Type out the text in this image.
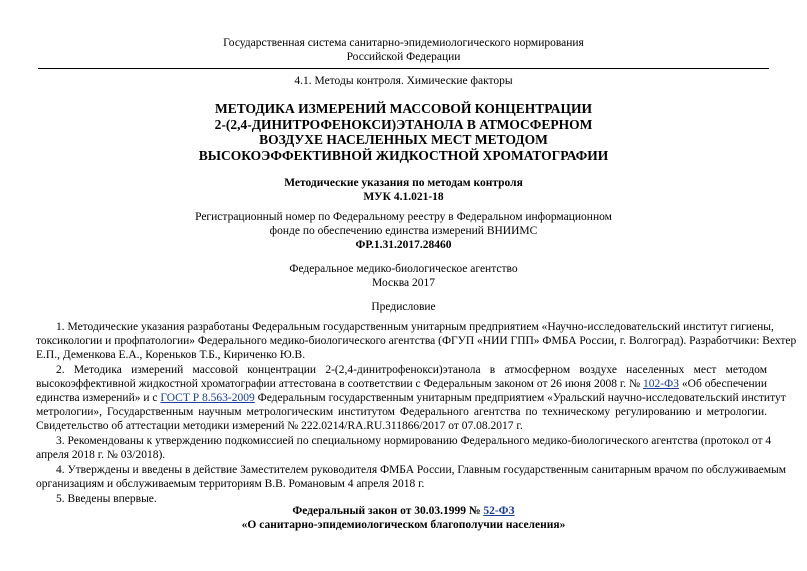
Государственная система санитарно-эпидемиологического нормирования
Российской Федерации
4.1. Методы контроля. Химические факторы
МЕТОДИКА ИЗМЕРЕНИЙ МАССОВОЙ КОНЦЕНТРАЦИИ
2-(2,4-ДИНИТРОФЕНОКСИ)ЭТАНОЛА В АТМОСФЕРНОМ
ВОЗДУХЕ НАСЕЛЕННЫХ МЕСТ МЕТОДОМ
ВЫСОКОЭФФЕКТИВНОЙ ЖИДКОСТНОЙ ХРОМАТОГРАФИИ
Методические указания по методам контроля
МУК 4.1.021-18
Регистрационный номер по Федеральному реестру в Федеральном информационном
фонде по обеспечению единства измерений ВНИИМС
ФР.1.31.2017.28460
Федеральное медико-биологическое агентство
Москва 2017
Предисловие
1. Методические указания разработаны Федеральным государственным унитарным предприятием «Научно-исследовательский институт гигиены,
токсикологии и профпатологии» Федерального медико-биологического агентства (ФГУП «НИИ ГПП» ФМБА России, г. Волгоград). Разработчики: Вехтер
Е.П., Деменкова Е.А., Кореньков Т.Б., Кириченко Ю.В.
2. Методика измерений массовой концентрации 2-(2,4-динитрофенокси)этанола в атмосферном воздухе населенных мест методом
высокоэффективной жидкостной хроматографии аттестована в соответствии с Федеральным законом от 26 июня 2008 г. № 102-ФЗ «Об обеспечении
единства измерений» и с ГОСТ Р 8.563-2009 Федеральным государственным унитарным предприятием «Уральский научно-исследовательский институт
метрологии», Государственным научным метрологическим институтом Федерального агентства по техническому регулированию и метрологии.
Свидетельство об аттестации методики измерений № 222.0214/RA.RU.311866/2017 от 07.08.2017 г.
3. Рекомендованы к утверждению подкомиссией по специальному нормированию Федерального медико-биологического агентства (протокол от 4
апреля 2018 г. № 03/2018).
4. Утверждены и введены в действие Заместителем руководителя ФМБА России, Главным государственным санитарным врачом по обслуживаемым
организациям и обслуживаемым территориям В.В. Романовым 4 апреля 2018 г.
5. Введены впервые.
Федеральный закон от 30.03.1999 № 52-ФЗ
«О санитарно-эпидемиологическом благополучии населения»
